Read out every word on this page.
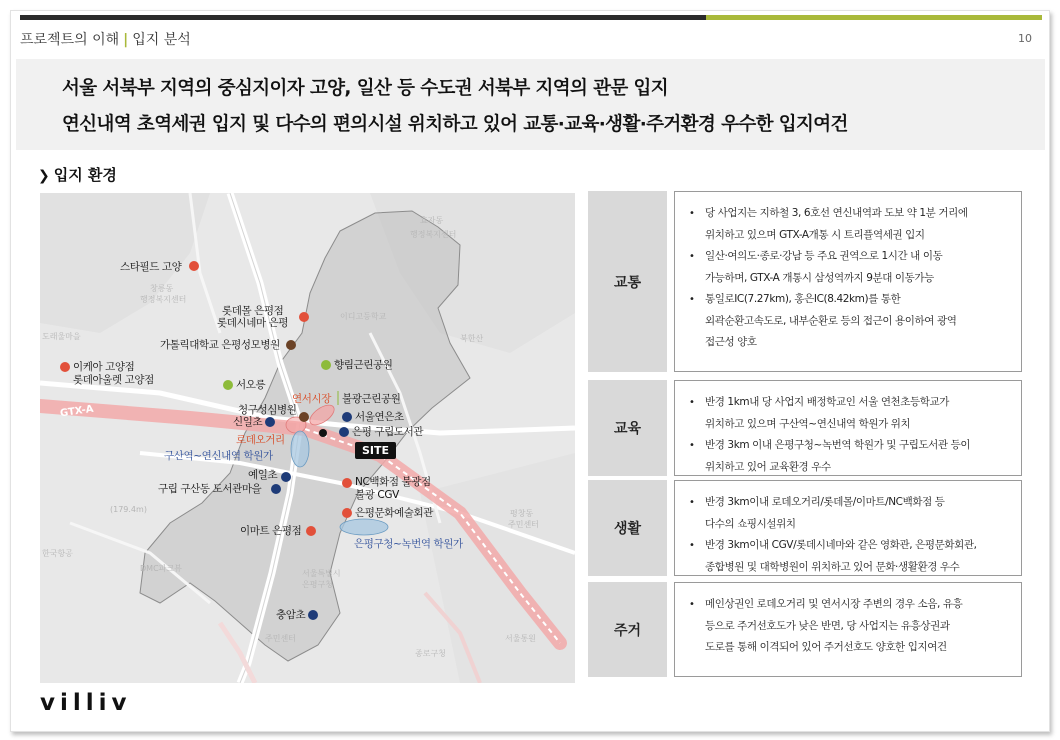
프로젝트의 이해 | 입지 분석	10
서울 서북부 지역의 중심지이자 고양, 일산 등 수도권 서북부 지역의 관문 입지
연신내역 초역세권 입지 및 다수의 편의시설 위치하고 있어 교통·교육·생활·주거환경 우수한 입지여건
❯ 입지 환경
GTX-A
효자동
행정복지센터
창릉동
행정복지센터
도래울마을
이디고등학교
북한산
평창동
주민센터
(179.4m)
한국항공
DMC파크뷰
서울특별시
은평구청
주민센터
종로구청
서울통원
스타필드 고양
롯데몰 은평점
롯데시네마 은평
가톨릭대학교 은평성모병원
이케아 고양점
롯데아울렛 고양점
향림근린공원
서오릉
연서시장 불광근린공원
청구성심병원
신일초	서울연은초
은평 구립도서관
로데오거리
구산역~연신내역 학원가	SITE
예일초
구립 구산동 도서관마을
NC백화점 불광점
불광 CGV
은평문화예술회관
이마트 은평점
은평구청~녹번역 학원가
충암초
교통
• 당 사업지는 지하철 3, 6호선 연신내역과 도보 약 1분 거리에
위치하고 있으며 GTX-A개통 시 트리플역세권 입지
• 일산·여의도·종로·강남 등 주요 권역으로 1시간 내 이동
가능하며, GTX-A 개통시 삼성역까지 9분대 이동가능
• 통일로IC(7.27km), 홍은IC(8.42km)를 통한
외곽순환고속도로, 내부순환로 등의 접근이 용이하여 광역
접근성 양호
교육
• 반경 1km내 당 사업지 배정학교인 서울 연천초등학교가
위치하고 있으며 구산역~연신내역 학원가 위치
• 반경 3km 이내 은평구청~녹번역 학원가 및 구립도서관 등이
위치하고 있어 교육환경 우수
생활
• 반경 3km이내 로데오거리/롯데몰/이마트/NC백화점 등
다수의 쇼핑시설위치
• 반경 3km이내 CGV/롯데시네마와 같은 영화관, 은평문화회관,
종합병원 및 대학병원이 위치하고 있어 문화·생활환경 우수
주거
• 메인상권인 로데오거리 및 연서시장 주변의 경우 소음, 유흥
등으로 주거선호도가 낮은 반면, 당 사업지는 유흥상권과
도로를 통해 이격되어 있어 주거선호도 양호한 입지여건
villiv
